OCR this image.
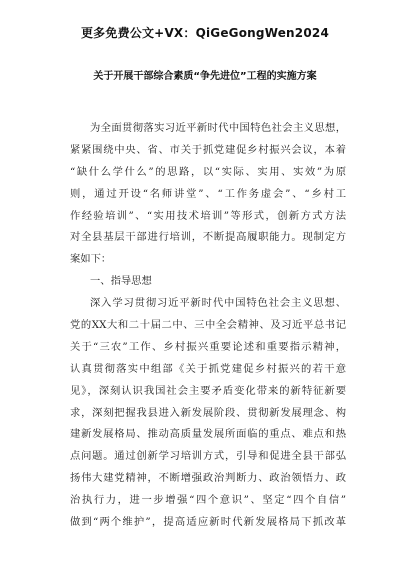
更多免费公文+VX：QiGeGongWen2024
关于开展干部综合素质“争先进位”工程的实施方案
为全面贯彻落实习近平新时代中国特色社会主义思想，
紧紧围绕中央、省、市关于抓党建促乡村振兴会议，本着
“缺什么学什么”的思路，以“实际、实用、实效”为原
则，通过开设“名师讲堂”、“工作务虚会”、“乡村工
作经验培训”、“实用技术培训”等形式，创新方式方法
对全县基层干部进行培训，不断提高履职能力。现制定方
案如下：
一、指导思想
深入学习贯彻习近平新时代中国特色社会主义思想、
党的XX大和二十届二中、三中全会精神、及习近平总书记
关于“三农”工作、乡村振兴重要论述和重要指示精神，
认真贯彻落实中组部《关于抓党建促乡村振兴的若干意
见》，深刻认识我国社会主要矛盾变化带来的新特征新要
求，深刻把握我县进入新发展阶段、贯彻新发展理念、构
建新发展格局、推动高质量发展所面临的重点、难点和热
点问题。通过创新学习培训方式，引导和促进全县干部弘
扬伟大建党精神，不断增强政治判断力、政治领悟力、政
治执行力，进一步增强“四个意识”、坚定“四个自信”
做到“两个维护”，提高适应新时代新发展格局下抓改革
